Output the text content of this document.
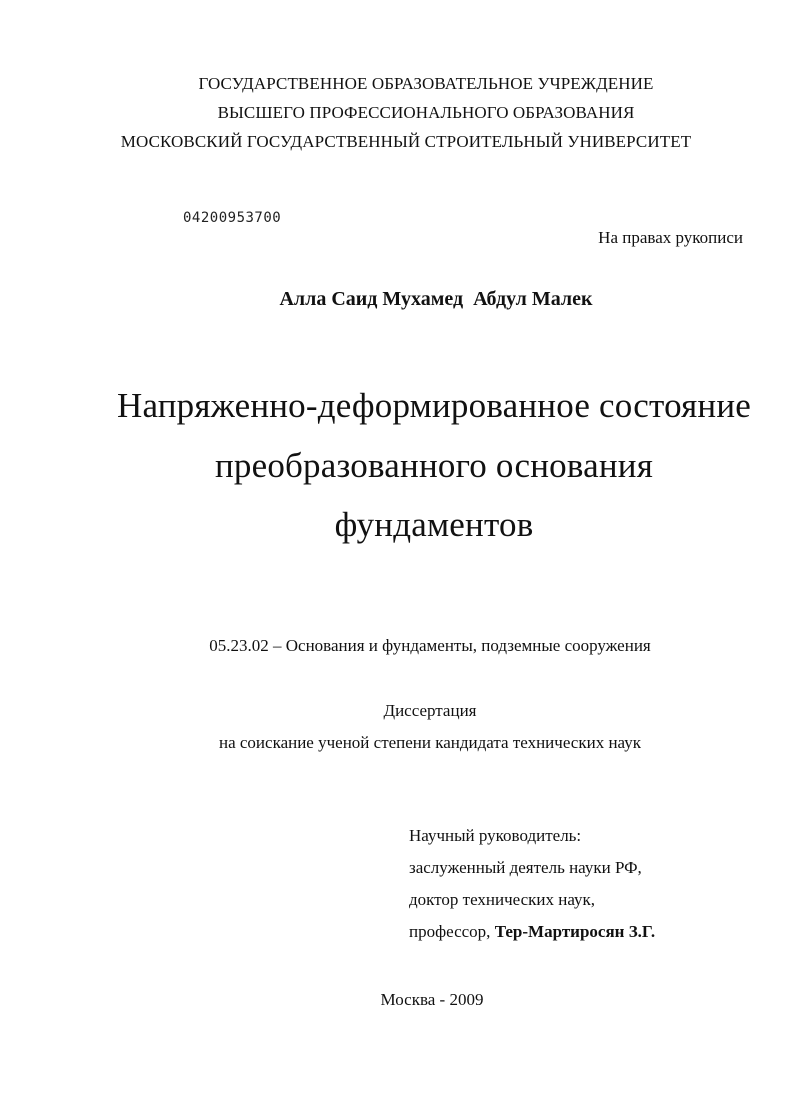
ГОСУДАРСТВЕННОЕ ОБРАЗОВАТЕЛЬНОЕ УЧРЕЖДЕНИЕ
ВЫСШЕГО ПРОФЕССИОНАЛЬНОГО ОБРАЗОВАНИЯ
МОСКОВСКИЙ ГОСУДАРСТВЕННЫЙ СТРОИТЕЛЬНЫЙ УНИВЕРСИТЕТ
04200953700
На правах рукописи
Алла Саид Мухамед  Абдул Малек
Напряженно-деформированное состояние
преобразованного основания
фундаментов
05.23.02 – Основания и фундаменты, подземные сооружения
Диссертация
на соискание ученой степени кандидата технических наук
Научный руководитель:
заслуженный деятель науки РФ,
доктор технических наук,
профессор, Тер-Мартиросян З.Г.
Москва - 2009
